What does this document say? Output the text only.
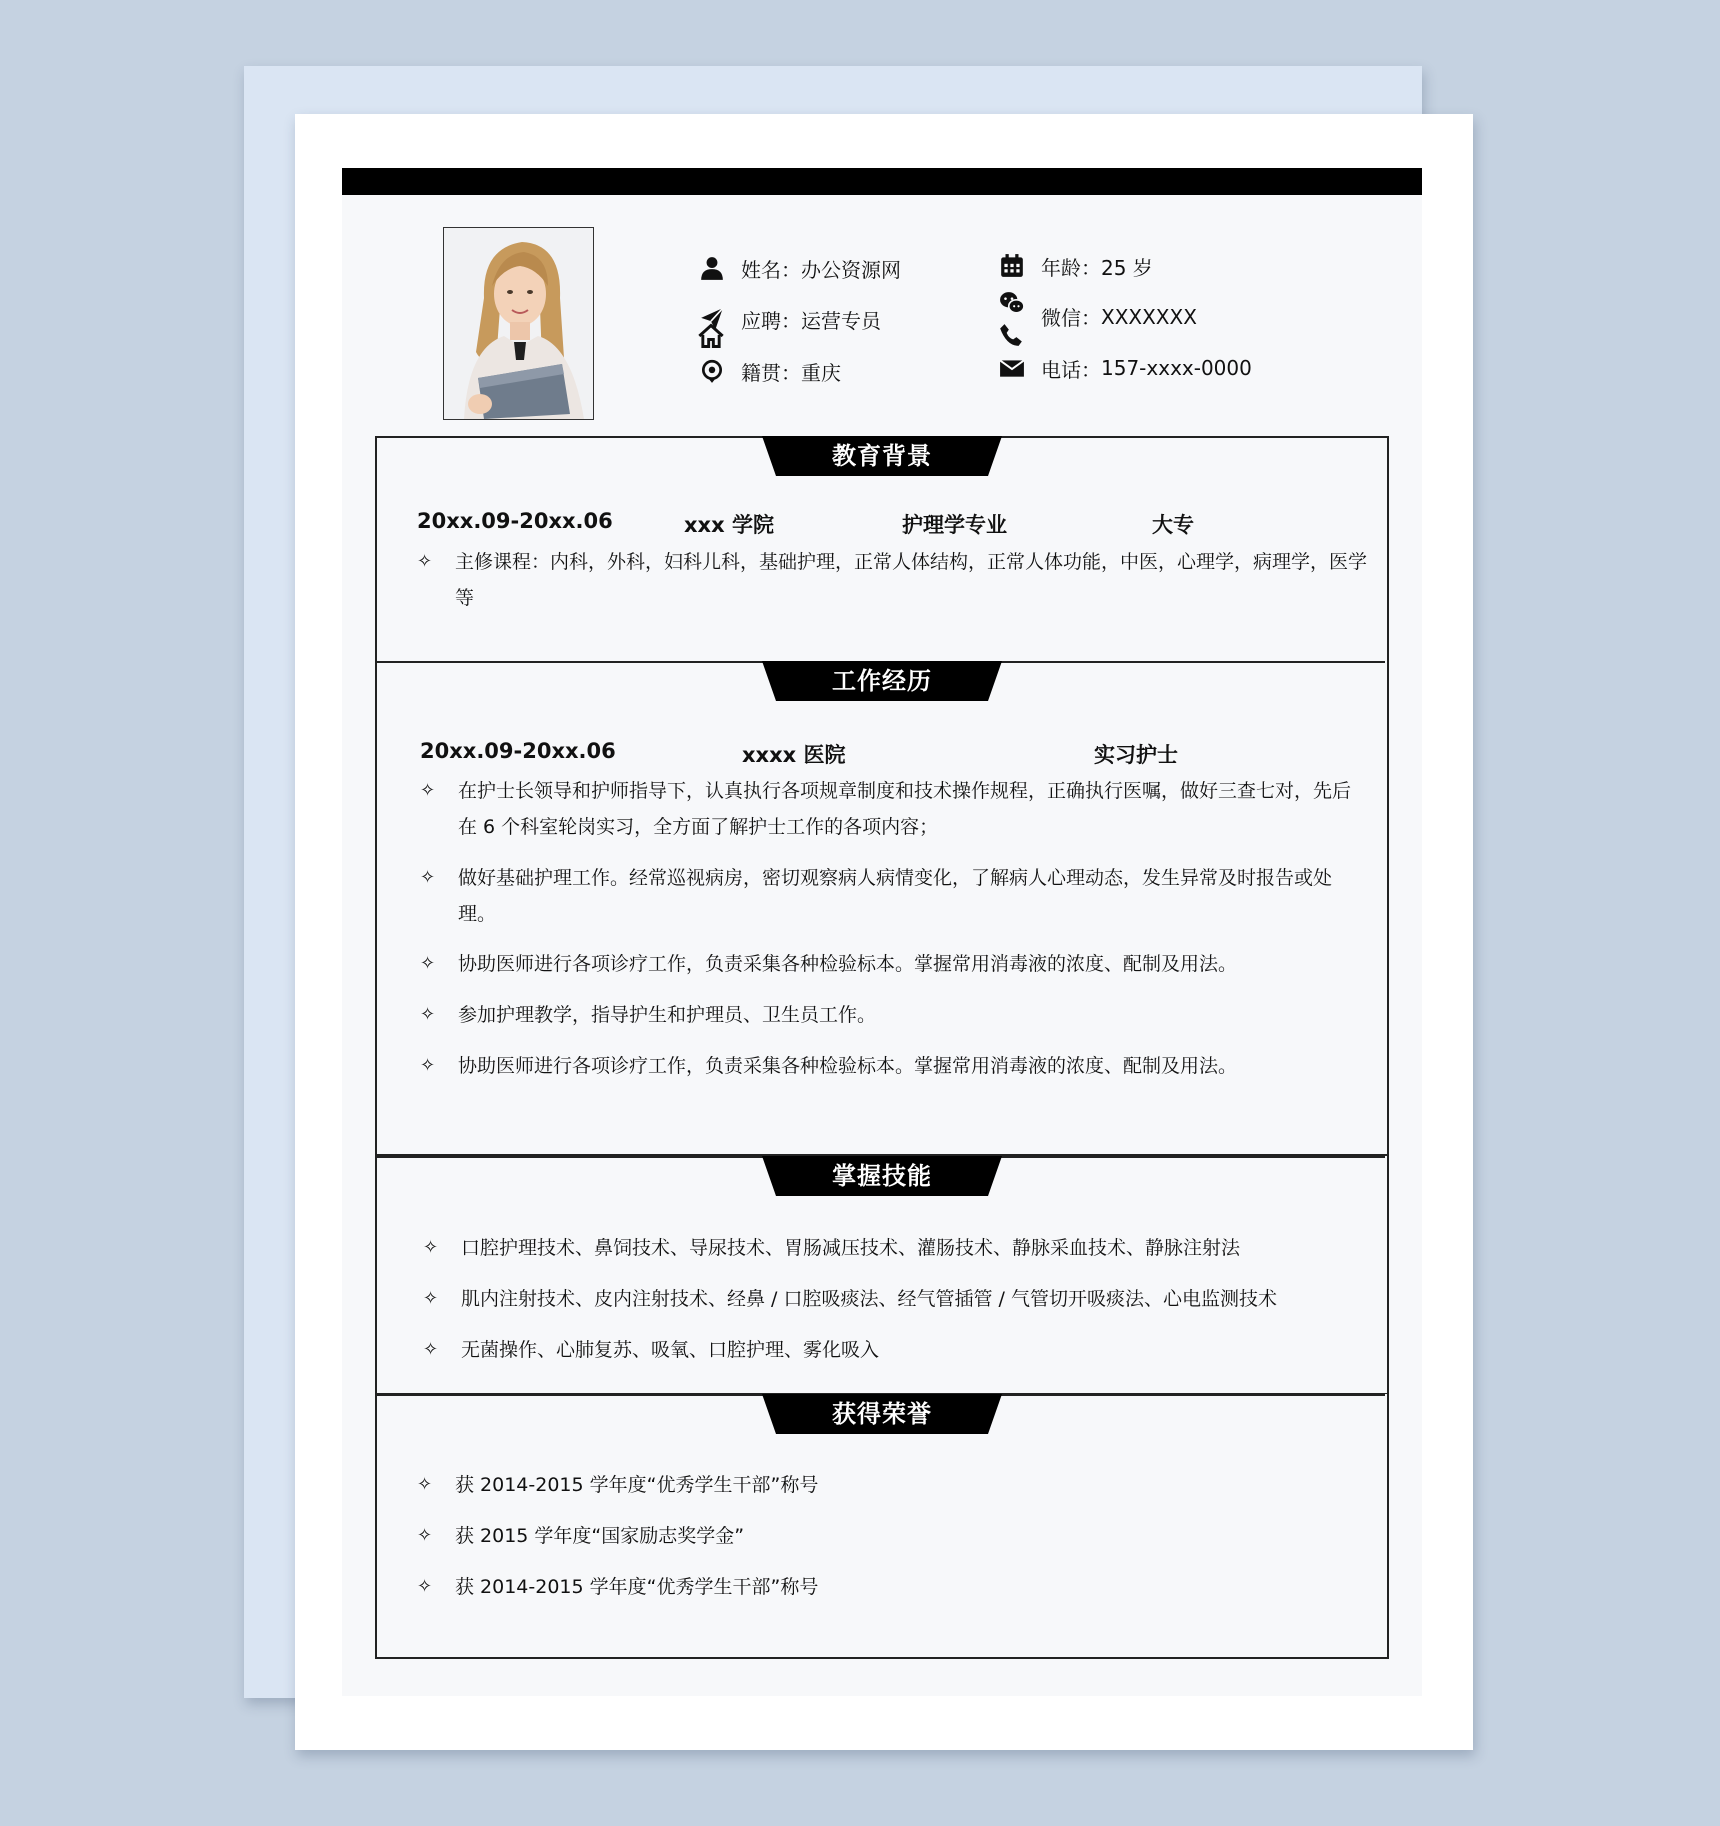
姓名： 办公资源网
应聘： 运营专员
籍贯： 重庆
年龄： 25 岁
微信： XXXXXXX
电话： 157-xxxx-0000
教育背景
20xx.09-20xx.06	xxx 学院	护理学专业	大专
✧	主修课程：内科，外科，妇科儿科，基础护理，正常人体结构，正常人体功能，中医，心理学，病理学，医学等
工作经历
20xx.09-20xx.06	xxxx 医院	实习护士
✧	在护士长领导和护师指导下，认真执行各项规章制度和技术操作规程，正确执行医嘱，做好三查七对，先后在 6 个科室轮岗实习，全方面了解护士工作的各项内容；
✧	做好基础护理工作。经常巡视病房，密切观察病人病情变化，了解病人心理动态，发生异常及时报告或处理。
✧	协助医师进行各项诊疗工作，负责采集各种检验标本。掌握常用消毒液的浓度、配制及用法。
✧	参加护理教学，指导护生和护理员、卫生员工作。
✧	协助医师进行各项诊疗工作，负责采集各种检验标本。掌握常用消毒液的浓度、配制及用法。
掌握技能
✧	口腔护理技术、鼻饲技术、导尿技术、胃肠减压技术、灌肠技术、静脉采血技术、静脉注射法
✧	肌内注射技术、皮内注射技术、经鼻 / 口腔吸痰法、经气管插管 / 气管切开吸痰法、心电监测技术
✧	无菌操作、心肺复苏、吸氧、口腔护理、雾化吸入
获得荣誉
✧	获 2014-2015 学年度“优秀学生干部”称号
✧	获 2015 学年度“国家励志奖学金”
✧	获 2014-2015 学年度“优秀学生干部”称号
